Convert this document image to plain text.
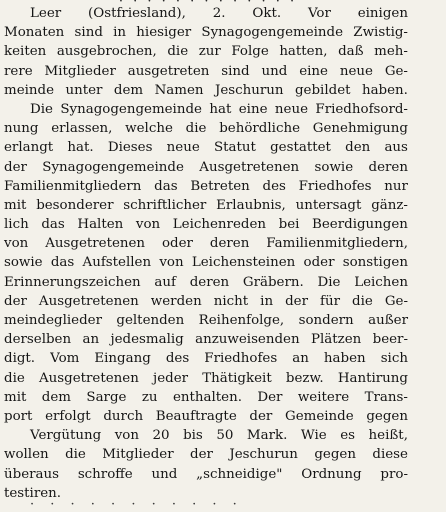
· · · · · · · · · · · · ·
Leer (Ostfriesland), 2. Okt. Vor einigen
Monaten sind in hiesiger Synagogengemeinde Zwistig-
keiten ausgebrochen, die zur Folge hatten, daß meh-
rere Mitglieder ausgetreten sind und eine neue Ge-
meinde unter dem Namen Jeschurun gebildet haben.
Die Synagogengemeinde hat eine neue Friedhofsord-
nung erlassen, welche die behördliche Genehmigung
erlangt hat. Dieses neue Statut gestattet den aus
der Synagogengemeinde Ausgetretenen sowie deren
Familienmitgliedern das Betreten des Friedhofes nur
mit besonderer schriftlicher Erlaubnis, untersagt gänz-
lich das Halten von Leichenreden bei Beerdigungen
von Ausgetretenen oder deren Familienmitgliedern,
sowie das Aufstellen von Leichensteinen oder sonstigen
Erinnerungszeichen auf deren Gräbern. Die Leichen
der Ausgetretenen werden nicht in der für die Ge-
meindeglieder geltenden Reihenfolge, sondern außer
derselben an jedesmalig anzuweisenden Plätzen beer-
digt. Vom Eingang des Friedhofes an haben sich
die Ausgetretenen jeder Thätigkeit bezw. Hantirung
mit dem Sarge zu enthalten. Der weitere Trans-
port erfolgt durch Beauftragte der Gemeinde gegen
Vergütung von 20 bis 50 Mark. Wie es heißt,
wollen die Mitglieder der Jeschurun gegen diese
überaus schroffe und „schneidige" Ordnung pro-
testiren.
· · · · · · · · · · ·
